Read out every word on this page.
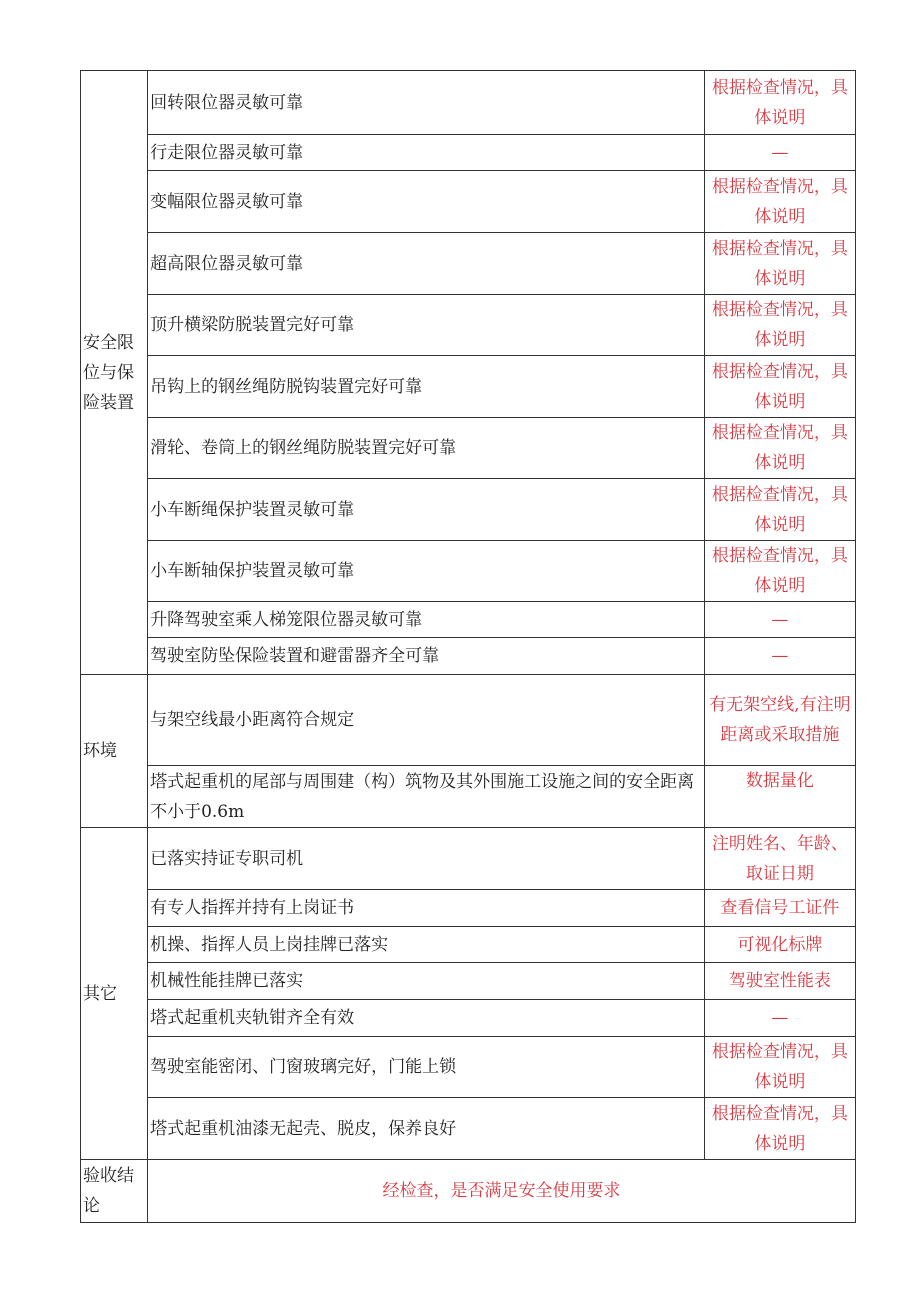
安全限位与保险装置	回转限位器灵敏可靠	根据检查情况，具体说明
	行走限位器灵敏可靠	—
	变幅限位器灵敏可靠	根据检查情况，具体说明
	超高限位器灵敏可靠	根据检查情况，具体说明
	顶升横梁防脱装置完好可靠	根据检查情况，具体说明
	吊钩上的钢丝绳防脱钩装置完好可靠	根据检查情况，具体说明
	滑轮、卷筒上的钢丝绳防脱装置完好可靠	根据检查情况，具体说明
	小车断绳保护装置灵敏可靠	根据检查情况，具体说明
	小车断轴保护装置灵敏可靠	根据检查情况，具体说明
	升降驾驶室乘人梯笼限位器灵敏可靠	—
	驾驶室防坠保险装置和避雷器齐全可靠	—
环境	与架空线最小距离符合规定	有无架空线,有注明距离或采取措施
	塔式起重机的尾部与周围建（构）筑物及其外围施工设施之间的安全距离不小于0.6m	数据量化
其它	已落实持证专职司机	注明姓名、年龄、取证日期
	有专人指挥并持有上岗证书	查看信号工证件
	机操、指挥人员上岗挂牌已落实	可视化标牌
	机械性能挂牌已落实	驾驶室性能表
	塔式起重机夹轨钳齐全有效	—
	驾驶室能密闭、门窗玻璃完好，门能上锁	根据检查情况，具体说明
	塔式起重机油漆无起壳、脱皮，保养良好	根据检查情况，具体说明
验收结论	经检查，是否满足安全使用要求	
